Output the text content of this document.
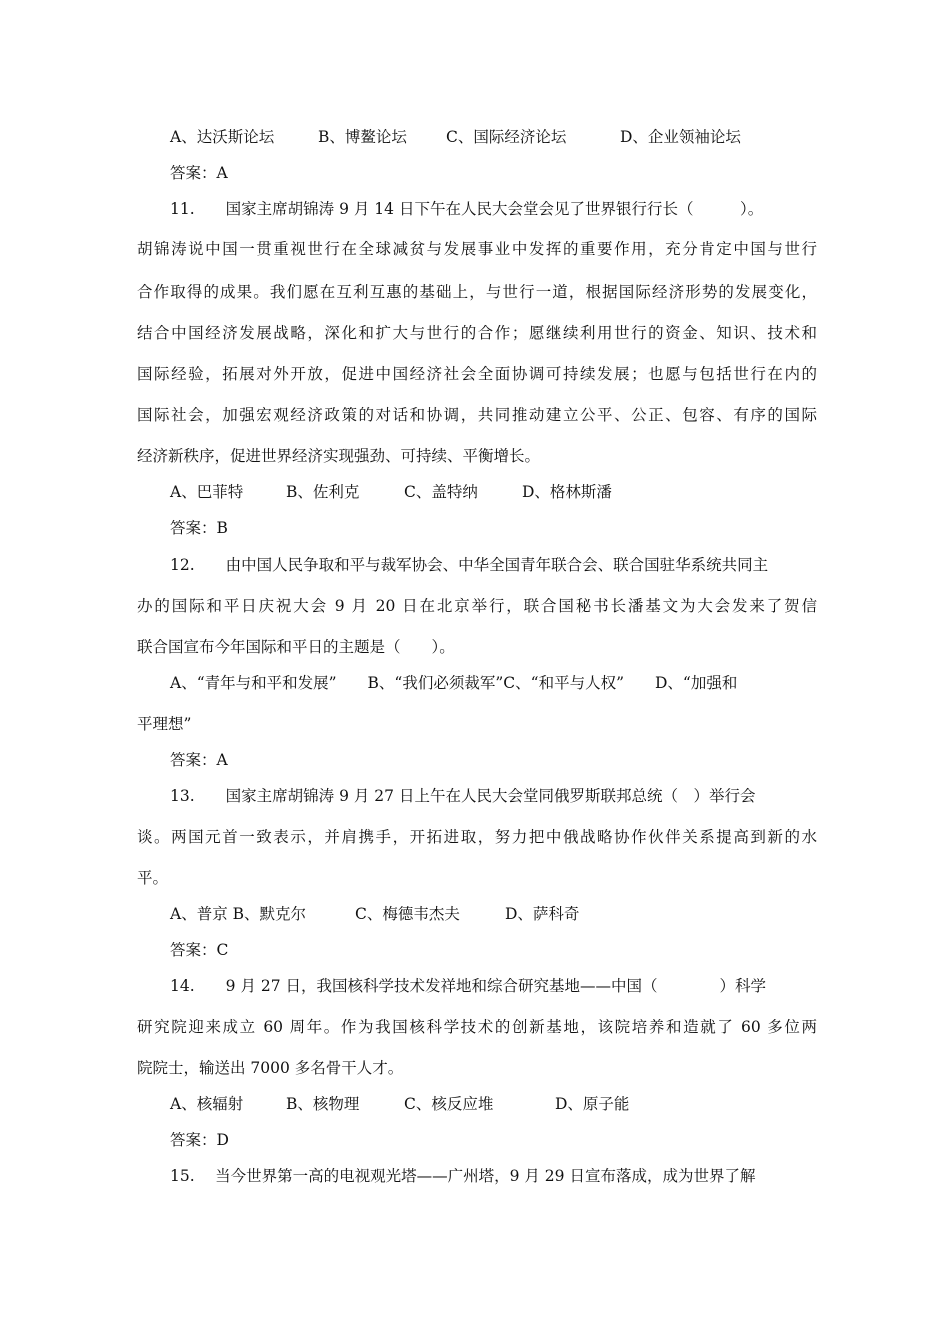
A、达沃斯论坛	B、博鳌论坛	C、国际经济论坛	D、企业领袖论坛
答案：A
11.　　国家主席胡锦涛 9 月 14 日下午在人民大会堂会见了世界银行行长（　　　）。
胡锦涛说中国一贯重视世行在全球减贫与发展事业中发挥的重要作用，充分肯定中国与世行
合作取得的成果。我们愿在互利互惠的基础上，与世行一道，根据国际经济形势的发展变化，
结合中国经济发展战略，深化和扩大与世行的合作；愿继续利用世行的资金、知识、技术和
国际经验，拓展对外开放，促进中国经济社会全面协调可持续发展；也愿与包括世行在内的
国际社会，加强宏观经济政策的对话和协调，共同推动建立公平、公正、包容、有序的国际
经济新秩序，促进世界经济实现强劲、可持续、平衡增长。
A、巴菲特	B、佐利克	C、盖特纳	D、格林斯潘
答案：B
12.　　由中国人民争取和平与裁军协会、中华全国青年联合会、联合国驻华系统共同主
办的国际和平日庆祝大会 9 月 20 日在北京举行，联合国秘书长潘基文为大会发来了贺信
联合国宣布今年国际和平日的主题是（　　）。
A、“青年与和平和发展”　　B、“我们必须裁军”C、“和平与人权”　　D、“加强和
平理想”
答案：A
13.　　国家主席胡锦涛 9 月 27 日上午在人民大会堂同俄罗斯联邦总统（　）举行会
谈。两国元首一致表示，并肩携手，开拓进取，努力把中俄战略协作伙伴关系提高到新的水
平。
A、普京 B、默克尔	C、梅德韦杰夫	D、萨科奇
答案：C
14.　　9 月 27 日，我国核科学技术发祥地和综合研究基地——中国（　　　　）科学
研究院迎来成立 60 周年。作为我国核科学技术的创新基地，该院培养和造就了 60 多位两
院院士，输送出 7000 多名骨干人才。
A、核辐射	B、核物理	C、核反应堆	D、原子能
答案：D
15.　 当今世界第一高的电视观光塔——广州塔，9 月 29 日宣布落成，成为世界了解
